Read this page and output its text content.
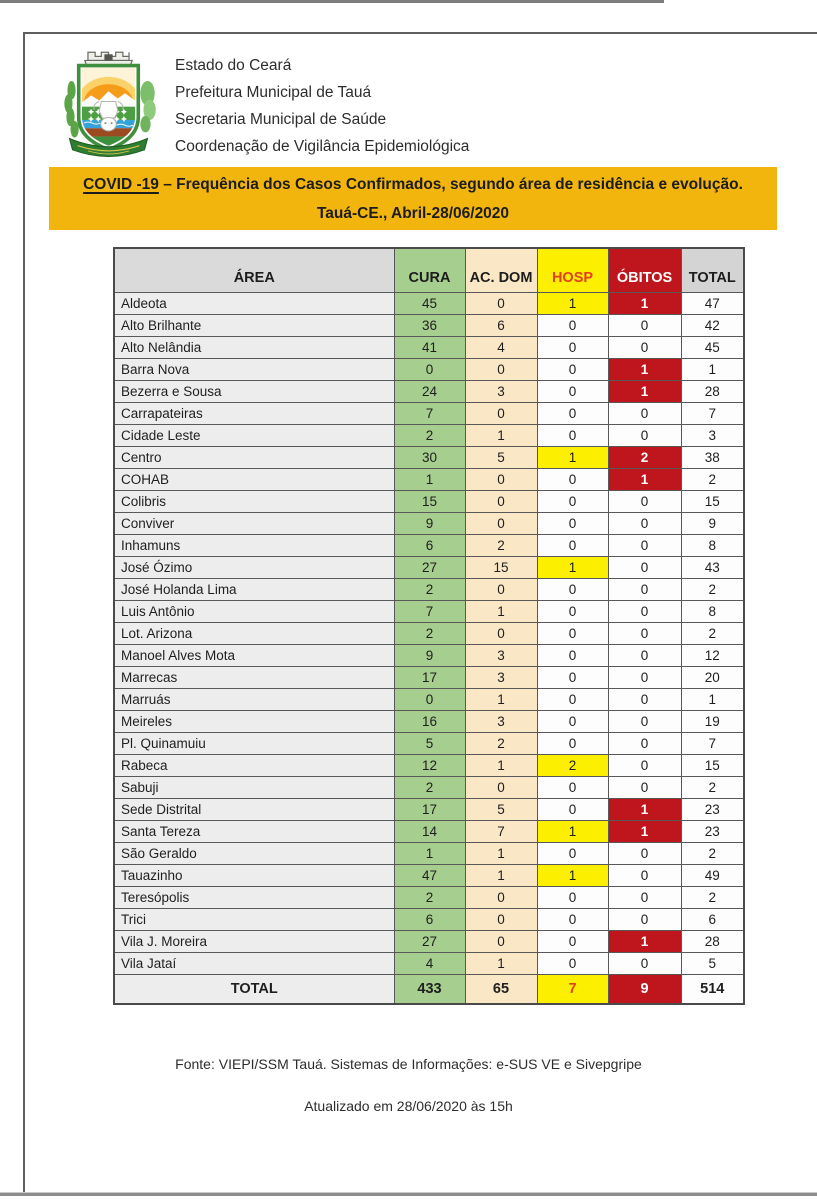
Estado do Ceará
Prefeitura Municipal de Tauá
Secretaria Municipal de Saúde
Coordenação de Vigilância Epidemiológica
COVID -19 – Frequência dos Casos Confirmados, segundo área de residência e evolução.
Tauá-CE., Abril-28/06/2020
ÁREA	CURA	AC. DOM	HOSP	ÓBITOS	TOTAL
Aldeota	45	0	1	1	47
Alto Brilhante	36	6	0	0	42
Alto Nelândia	41	4	0	0	45
Barra Nova	0	0	0	1	1
Bezerra e Sousa	24	3	0	1	28
Carrapateiras	7	0	0	0	7
Cidade Leste	2	1	0	0	3
Centro	30	5	1	2	38
COHAB	1	0	0	1	2
Colibris	15	0	0	0	15
Conviver	9	0	0	0	9
Inhamuns	6	2	0	0	8
José Ózimo	27	15	1	0	43
José Holanda Lima	2	0	0	0	2
Luis Antônio	7	1	0	0	8
Lot. Arizona	2	0	0	0	2
Manoel Alves Mota	9	3	0	0	12
Marrecas	17	3	0	0	20
Marruás	0	1	0	0	1
Meireles	16	3	0	0	19
Pl. Quinamuiu	5	2	0	0	7
Rabeca	12	1	2	0	15
Sabuji	2	0	0	0	2
Sede Distrital	17	5	0	1	23
Santa Tereza	14	7	1	1	23
São Geraldo	1	1	0	0	2
Tauazinho	47	1	1	0	49
Teresópolis	2	0	0	0	2
Trici	6	0	0	0	6
Vila J. Moreira	27	0	0	1	28
Vila Jataí	4	1	0	0	5
TOTAL	433	65	7	9	514
Fonte: VIEPI/SSM Tauá. Sistemas de Informações: e-SUS VE e Sivepgripe
Atualizado em 28/06/2020 às 15h
